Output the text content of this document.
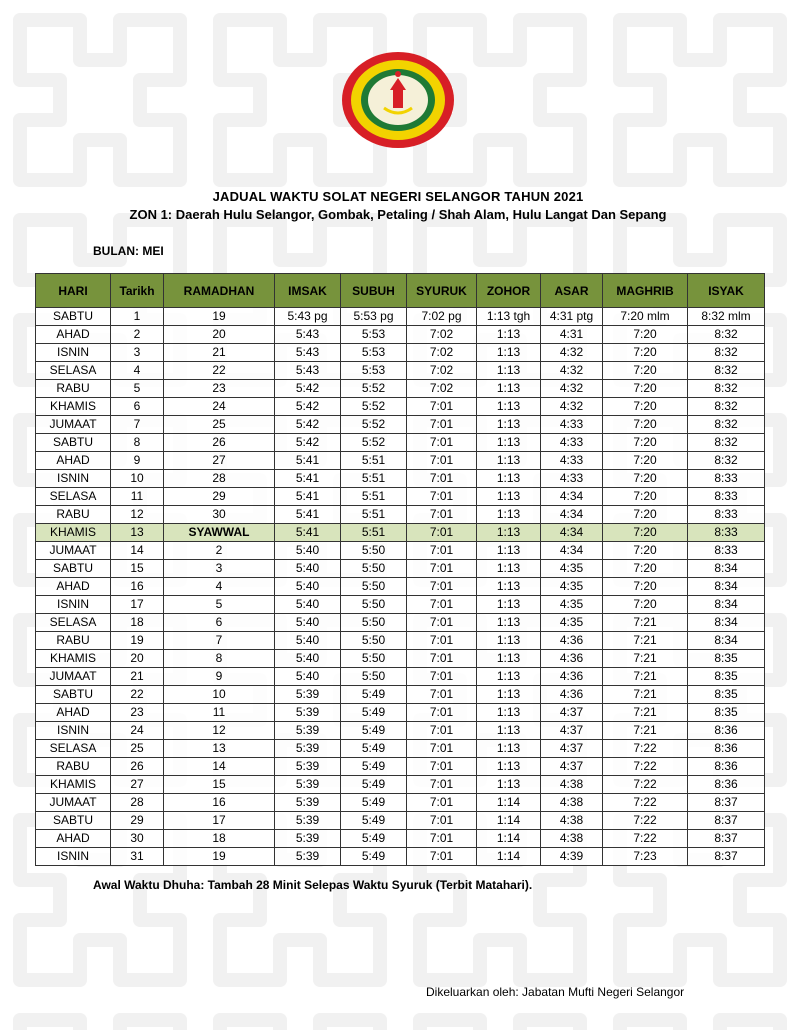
JADUAL WAKTU SOLAT NEGERI SELANGOR TAHUN 2021
ZON 1: Daerah Hulu Selangor, Gombak, Petaling / Shah Alam, Hulu Langat Dan Sepang
BULAN: MEI
HARI	Tarikh	RAMADHAN	IMSAK	SUBUH	SYURUK	ZOHOR	ASAR	MAGHRIB	ISYAK
SABTU	1	19	5:43 pg	5:53 pg	7:02 pg	1:13 tgh	4:31 ptg	7:20 mlm	8:32 mlm
AHAD	2	20	5:43	5:53	7:02	1:13	4:31	7:20	8:32
ISNIN	3	21	5:43	5:53	7:02	1:13	4:32	7:20	8:32
SELASA	4	22	5:43	5:53	7:02	1:13	4:32	7:20	8:32
RABU	5	23	5:42	5:52	7:02	1:13	4:32	7:20	8:32
KHAMIS	6	24	5:42	5:52	7:01	1:13	4:32	7:20	8:32
JUMAAT	7	25	5:42	5:52	7:01	1:13	4:33	7:20	8:32
SABTU	8	26	5:42	5:52	7:01	1:13	4:33	7:20	8:32
AHAD	9	27	5:41	5:51	7:01	1:13	4:33	7:20	8:32
ISNIN	10	28	5:41	5:51	7:01	1:13	4:33	7:20	8:33
SELASA	11	29	5:41	5:51	7:01	1:13	4:34	7:20	8:33
RABU	12	30	5:41	5:51	7:01	1:13	4:34	7:20	8:33
KHAMIS	13	SYAWWAL	5:41	5:51	7:01	1:13	4:34	7:20	8:33
JUMAAT	14	2	5:40	5:50	7:01	1:13	4:34	7:20	8:33
SABTU	15	3	5:40	5:50	7:01	1:13	4:35	7:20	8:34
AHAD	16	4	5:40	5:50	7:01	1:13	4:35	7:20	8:34
ISNIN	17	5	5:40	5:50	7:01	1:13	4:35	7:20	8:34
SELASA	18	6	5:40	5:50	7:01	1:13	4:35	7:21	8:34
RABU	19	7	5:40	5:50	7:01	1:13	4:36	7:21	8:34
KHAMIS	20	8	5:40	5:50	7:01	1:13	4:36	7:21	8:35
JUMAAT	21	9	5:40	5:50	7:01	1:13	4:36	7:21	8:35
SABTU	22	10	5:39	5:49	7:01	1:13	4:36	7:21	8:35
AHAD	23	11	5:39	5:49	7:01	1:13	4:37	7:21	8:35
ISNIN	24	12	5:39	5:49	7:01	1:13	4:37	7:21	8:36
SELASA	25	13	5:39	5:49	7:01	1:13	4:37	7:22	8:36
RABU	26	14	5:39	5:49	7:01	1:13	4:37	7:22	8:36
KHAMIS	27	15	5:39	5:49	7:01	1:13	4:38	7:22	8:36
JUMAAT	28	16	5:39	5:49	7:01	1:14	4:38	7:22	8:37
SABTU	29	17	5:39	5:49	7:01	1:14	4:38	7:22	8:37
AHAD	30	18	5:39	5:49	7:01	1:14	4:38	7:22	8:37
ISNIN	31	19	5:39	5:49	7:01	1:14	4:39	7:23	8:37
Awal Waktu Dhuha: Tambah 28 Minit Selepas Waktu Syuruk (Terbit Matahari).
Dikeluarkan oleh: Jabatan Mufti Negeri Selangor
